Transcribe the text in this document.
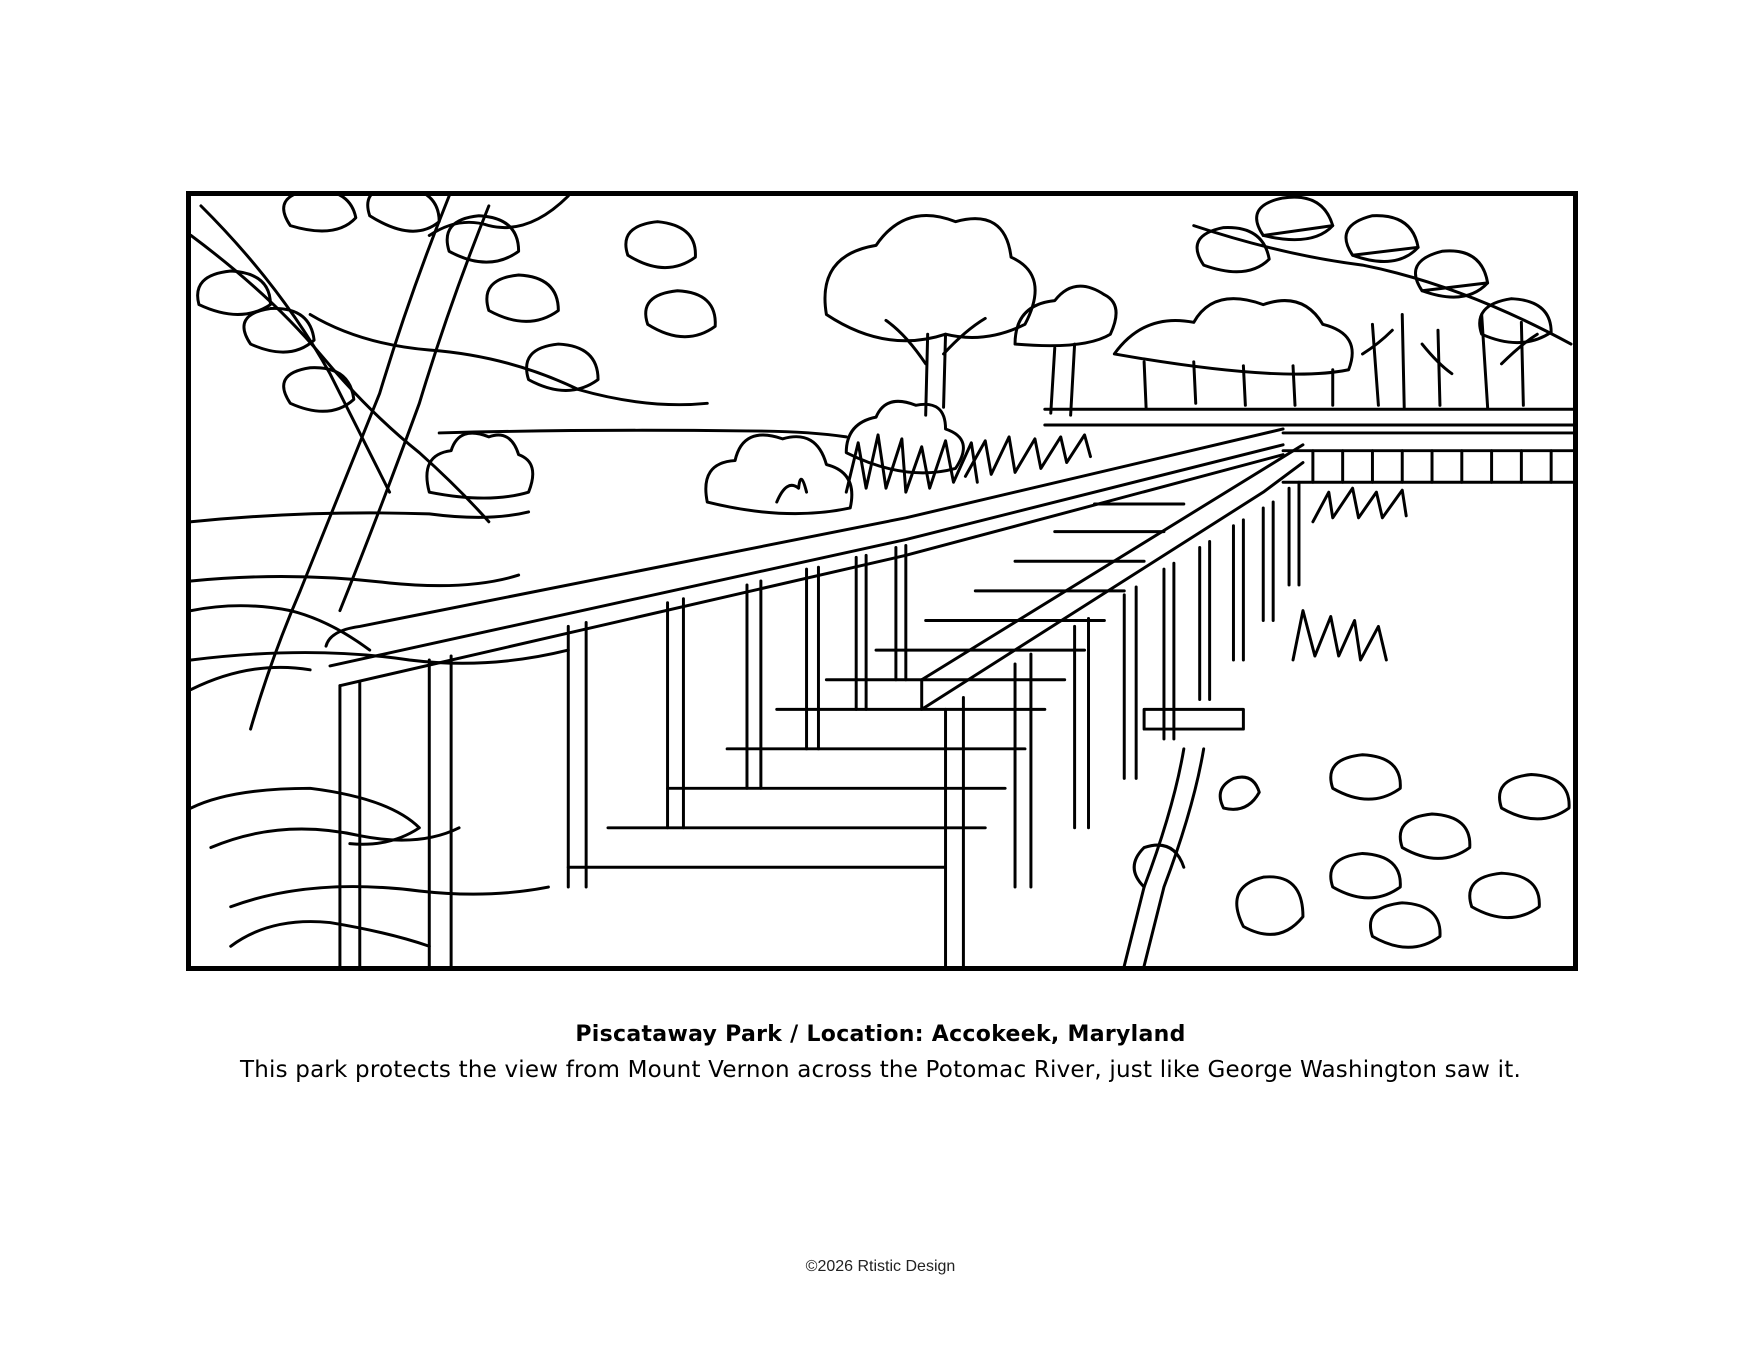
Piscataway Park / Location: Accokeek, Maryland
This park protects the view from Mount Vernon across the Potomac River, just like George Washington saw it.
©2026 Rtistic Design
